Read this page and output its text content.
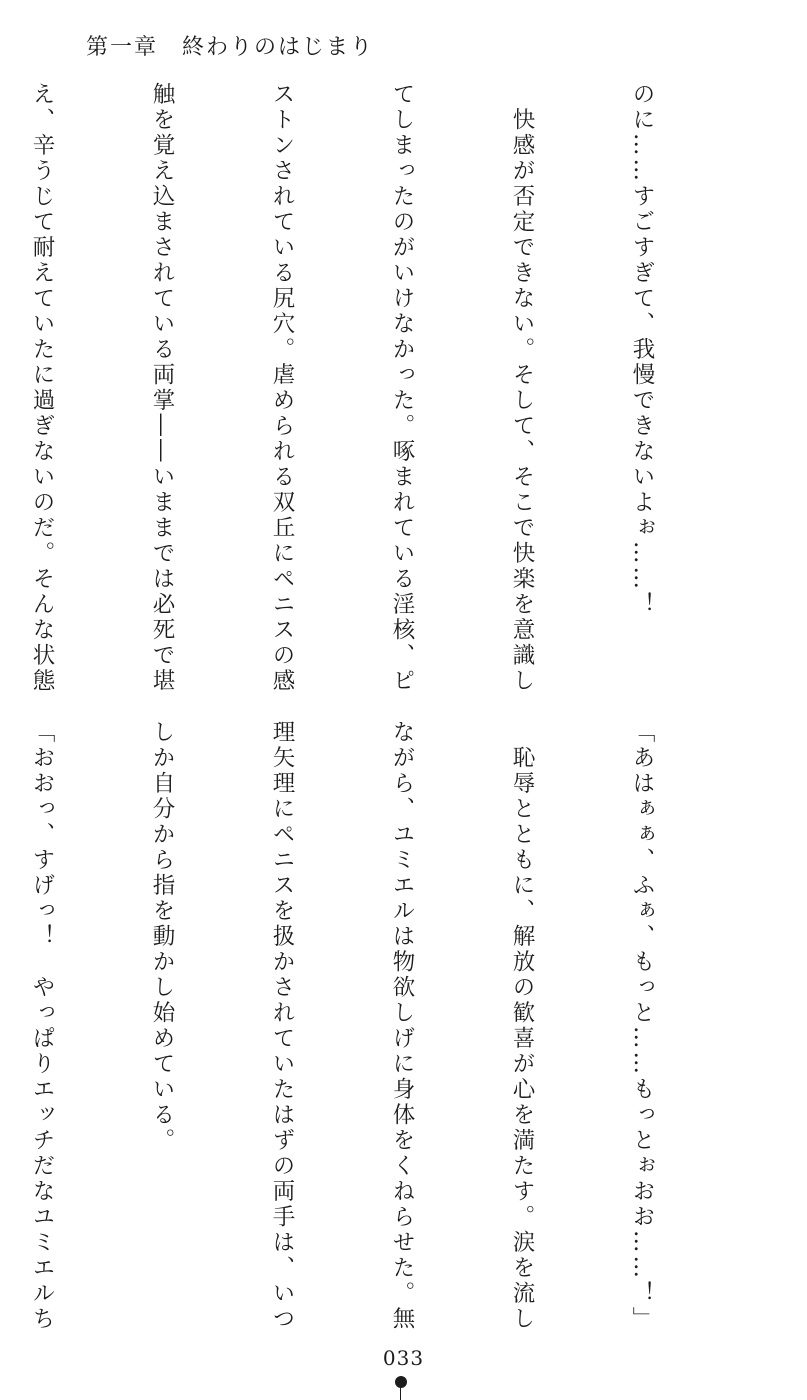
第一章　終わりのはじまり

のに……すごすぎて、我慢できないよぉ……！

　快感が否定できない。そして、そこで快楽を意識し

てしまったのがいけなかった。啄まれている淫核、ピ

ストンされている尻穴。虐められる双丘にペニスの感

触を覚え込まされている両掌――いままでは必死で堪

え、辛うじて耐えていたに過ぎないのだ。そんな状態

「あはぁぁ、ふぁ、もっと……もっとぉおお……！」

　恥辱とともに、解放の歓喜が心を満たす。涙を流し

ながら、ユミエルは物欲しげに身体をくねらせた。無

理矢理にペニスを扱かされていたはずの両手は、いつ

しか自分から指を動かし始めている。

「おおっ、すげっ！　やっぱりエッチだなユミエルち

033
